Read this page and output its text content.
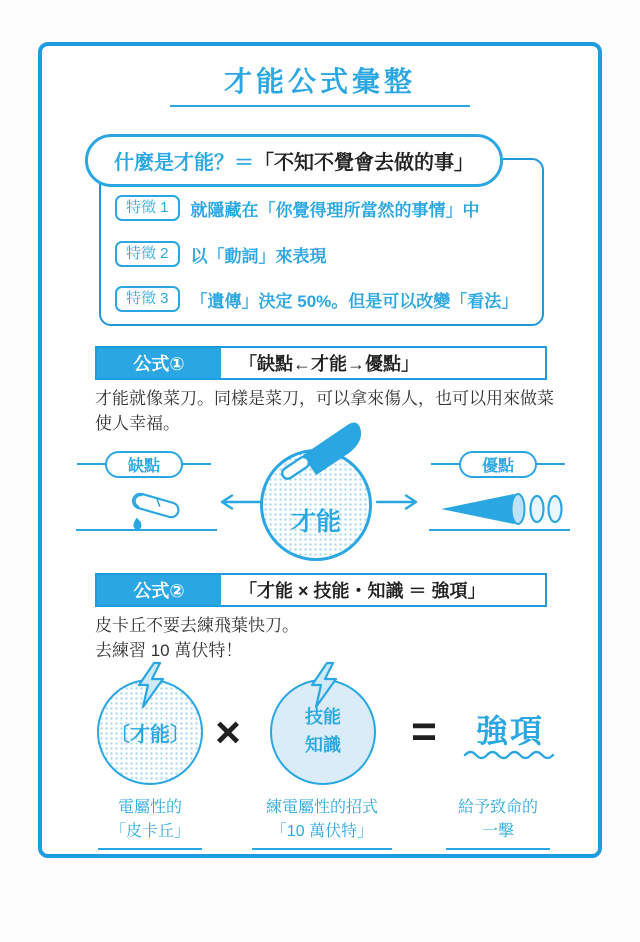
才能公式彙整
什麼是才能？＝ 「不知不覺會去做的事」
特徵 1	就隱藏在「你覺得理所當然的事情」中
特徵 2	以「動詞」來表現
特徵 3	「遺傳」決定 50%。但是可以改變「看法」
公式①	「缺點←才能→優點」
才能就像菜刀。同樣是菜刀，可以拿來傷人，也可以用來做菜使人幸福。
缺點
才能
優點
公式②	「才能 × 技能・知識 ＝ 強項」
皮卡丘不要去練飛葉快刀。
去練習 10 萬伏特！
〔才能〕 ×	技能
知識 =	強項
電屬性的
「皮卡丘」
練電屬性的招式
「10 萬伏特」
給予致命的
一擊
